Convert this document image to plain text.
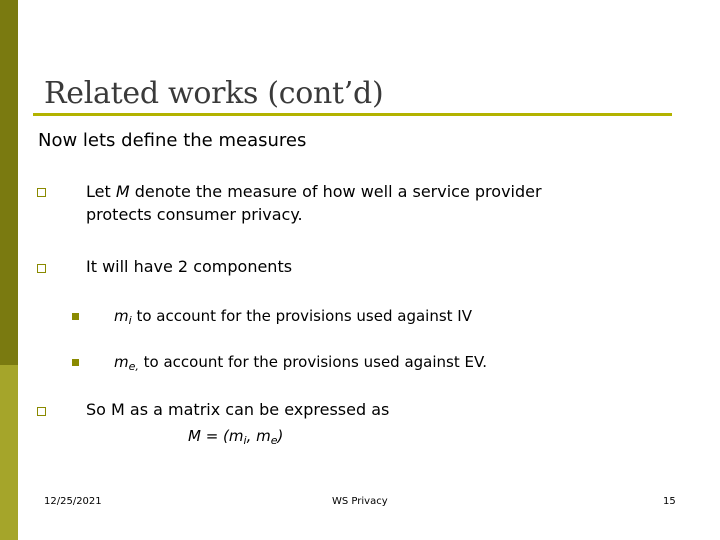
Related works (cont’d)
Now lets define the measures
Let M denote the measure of how well a service provider
protects consumer privacy.
It will have 2 components
$m_i$ to account for the provisions used against IV
$m_{e,}$ to account for the provisions used against EV.
So M as a matrix can be expressed as
$M = (m_i$, $m_e$)
12/25/2021	WS Privacy	15
